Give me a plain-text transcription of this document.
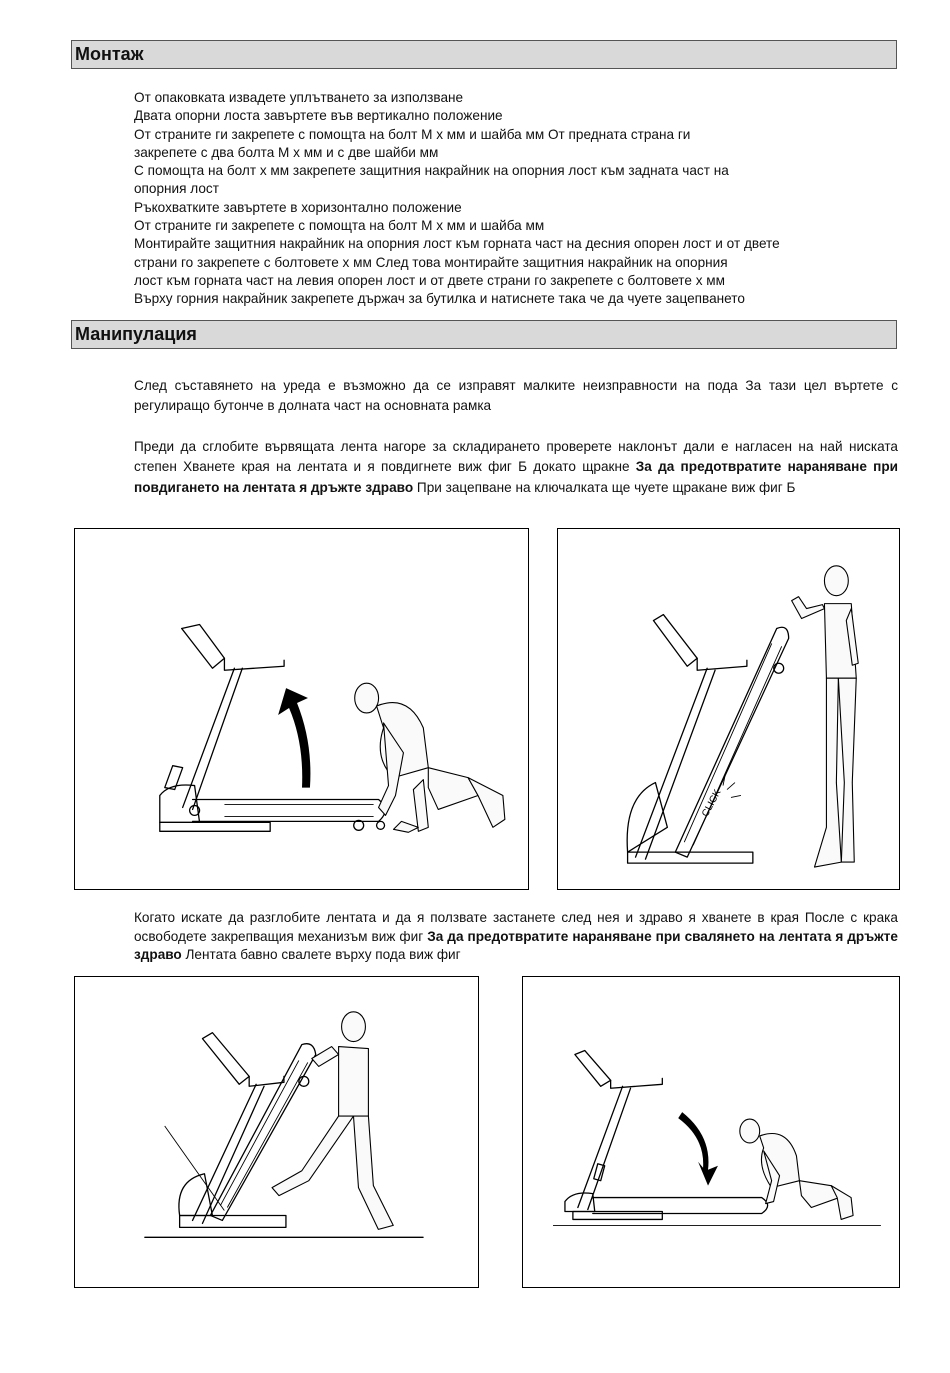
Монтаж
От опаковката извадете уплътването за използване
Двата опорни лоста завъртете във вертикално положение
От страните ги закрепете с помощта на болт М х мм и шайба мм От предната страна ги
закрепете с два болта М х мм и с две шайби мм
С помощта на болт х мм закрепете защитния накрайник на опорния лост към задната част на
опорния лост
Ръкохватките завъртете в хоризонтално положение
От страните ги закрепете с помощта на болт М х мм и шайба мм
Монтирайте защитния накрайник на опорния лост към горната част на десния опорен лост и от двете
страни го закрепете с болтовете х мм След това монтирайте защитния накрайник на опорния
лост към горната част на левия опорен лост и от двете страни го закрепете с болтовете х мм
Върху горния накрайник закрепете държач за бутилка и натиснете така че да чуете зацепването
Манипулация
След съставянето на уреда е възможно да се изправят малките неизправности на пода За тази цел въртете с регулиращо бутонче в долната част на основната рамка
Преди да сглобите вървящата лента нагоре за складирането проверете наклонът дали е нагласен на най ниската степен Хванете края на лентата и я повдигнете виж фиг Б докато щракне За да предотвратите нараняване при повдигането на лентата я дръжте здраво При зацепване на ключалката ще чуете щракане виж фиг Б
CLICK
Когато искате да разглобите лентата и да я ползвате застанете след нея и здраво я хванете в края После с крака освободете закрепващия механизъм виж фиг За да предотвратите нараняване при свалянето на лентата я дръжте здраво Лентата бавно свалете върху пода виж фиг
